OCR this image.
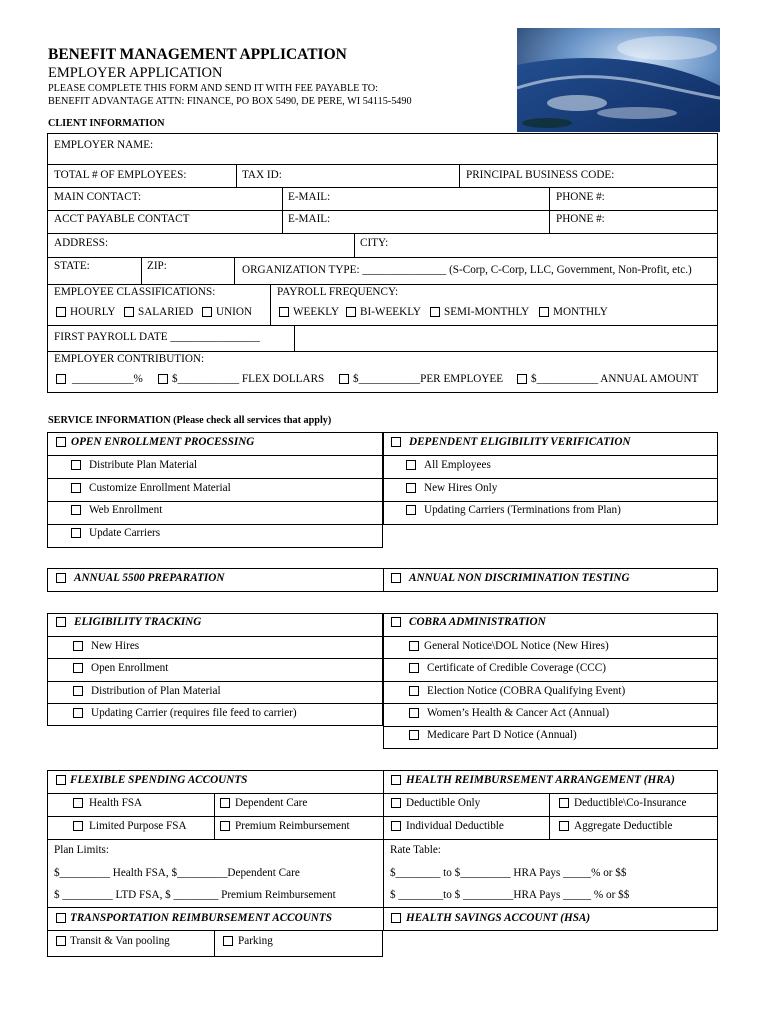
BENEFIT MANAGEMENT APPLICATION
EMPLOYER APPLICATION
PLEASE COMPLETE THIS FORM AND SEND IT WITH FEE PAYABLE TO:
BENEFIT ADVANTAGE ATTN: FINANCE, PO BOX 5490, DE PERE, WI 54115-5490
CLIENT INFORMATION
EMPLOYER NAME:
TOTAL # OF EMPLOYEES:	TAX ID:	PRINCIPAL BUSINESS CODE:
MAIN CONTACT:	E-MAIL:	PHONE #:
ACCT PAYABLE CONTACT	E-MAIL:	PHONE #:
ADDRESS:	CITY:
STATE:	ZIP:	ORGANIZATION TYPE: _______________ (S-Corp, C-Corp, LLC, Government, Non-Profit, etc.)
EMPLOYEE CLASSIFICATIONS:	PAYROLL FREQUENCY:
HOURLY SALARIED UNION	WEEKLY BI-WEEKLY SEMI-MONTHLY MONTHLY
FIRST PAYROLL DATE ________________
EMPLOYER CONTRIBUTION:
___________%	$___________ FLEX DOLLARS	$___________PER EMPLOYEE $___________ ANNUAL AMOUNT
SERVICE INFORMATION (Please check all services that apply)
OPEN ENROLLMENT PROCESSING
Distribute Plan Material
Customize Enrollment Material
Web Enrollment
Update Carriers
DEPENDENT ELIGIBILITY VERIFICATION
All Employees
New Hires Only
Updating Carriers (Terminations from Plan)
ANNUAL 5500 PREPARATION	ANNUAL NON DISCRIMINATION TESTING
ELIGIBILITY TRACKING
New Hires
Open Enrollment
Distribution of Plan Material
Updating Carrier (requires file feed to carrier)
COBRA ADMINISTRATION
General Notice\DOL Notice (New Hires)
Certificate of Credible Coverage (CCC)
Election Notice (COBRA Qualifying Event)
Women’s Health & Cancer Act (Annual)
Medicare Part D Notice (Annual)
FLEXIBLE SPENDING ACCOUNTS
Health FSA	Dependent Care
Limited Purpose FSA	Premium Reimbursement
Plan Limits:
$_________ Health FSA, $_________Dependent Care
$ _________ LTD FSA, $ ________ Premium Reimbursement
HEALTH REIMBURSEMENT ARRANGEMENT (HRA)
Deductible Only	Deductible\Co-Insurance
Individual Deductible	Aggregate Deductible
Rate Table:
$________ to $_________ HRA Pays _____% or $$
$ ________to $ _________HRA Pays _____ % or $$
TRANSPORTATION REIMBURSEMENT ACCOUNTS
Transit & Van pooling	Parking
HEALTH SAVINGS ACCOUNT (HSA)
